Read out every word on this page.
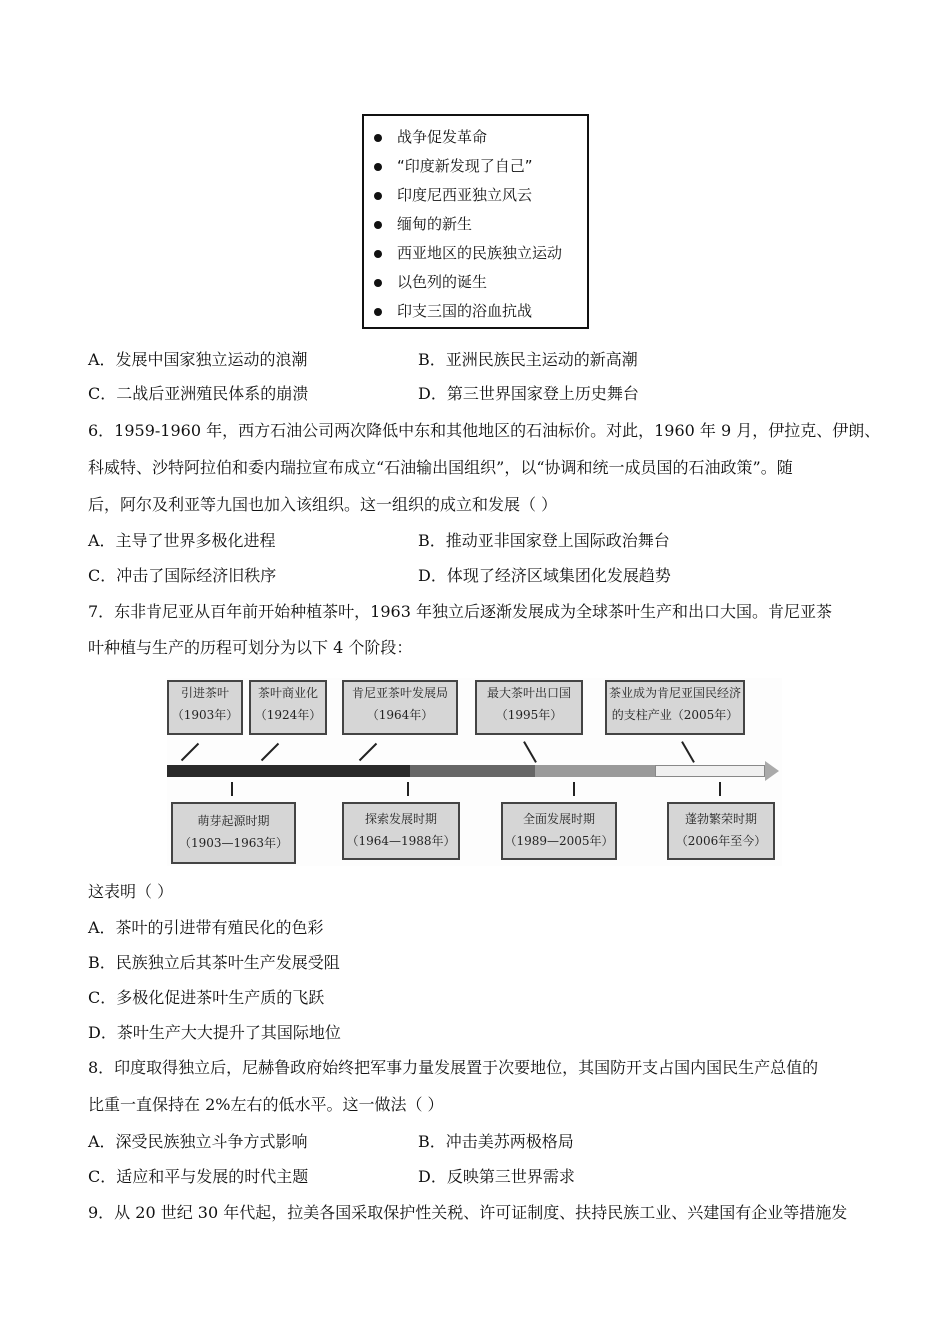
战争促发革命
“印度新发现了自己”
印度尼西亚独立风云
缅甸的新生
西亚地区的民族独立运动
以色列的诞生
印支三国的浴血抗战
A．发展中国家独立运动的浪潮	B．亚洲民族民主运动的新高潮
C．二战后亚洲殖民体系的崩溃	D．第三世界国家登上历史舞台
6．1959-1960 年，西方石油公司两次降低中东和其他地区的石油标价。对此，1960 年 9 月，伊拉克、伊朗、
科威特、沙特阿拉伯和委内瑞拉宣布成立“石油输出国组织”，以“协调和统一成员国的石油政策”。随
后，阿尔及利亚等九国也加入该组织。这一组织的成立和发展（ ）
A．主导了世界多极化进程	B．推动亚非国家登上国际政治舞台
C．冲击了国际经济旧秩序	D．体现了经济区域集团化发展趋势
7．东非肯尼亚从百年前开始种植茶叶，1963 年独立后逐渐发展成为全球茶叶生产和出口大国。肯尼亚茶
叶种植与生产的历程可划分为以下 4 个阶段：
引进茶叶
（1903年）
茶叶商业化
（1924年）
肯尼亚茶叶发展局
（1964年）
最大茶叶出口国
（1995年）
茶业成为肯尼亚国民经济
的支柱产业（2005年）
萌芽起源时期
（1903—1963年）
探索发展时期
（1964—1988年）
全面发展时期
（1989—2005年）
蓬勃繁荣时期
（2006年至今）
这表明（ ）
A．茶叶的引进带有殖民化的色彩
B．民族独立后其茶叶生产发展受阻
C．多极化促进茶叶生产质的飞跃
D．茶叶生产大大提升了其国际地位
8．印度取得独立后，尼赫鲁政府始终把军事力量发展置于次要地位，其国防开支占国内国民生产总值的
比重一直保持在 2%左右的低水平。这一做法（ ）
A．深受民族独立斗争方式影响	B．冲击美苏两极格局
C．适应和平与发展的时代主题	D．反映第三世界需求
9．从 20 世纪 30 年代起，拉美各国采取保护性关税、许可证制度、扶持民族工业、兴建国有企业等措施发
